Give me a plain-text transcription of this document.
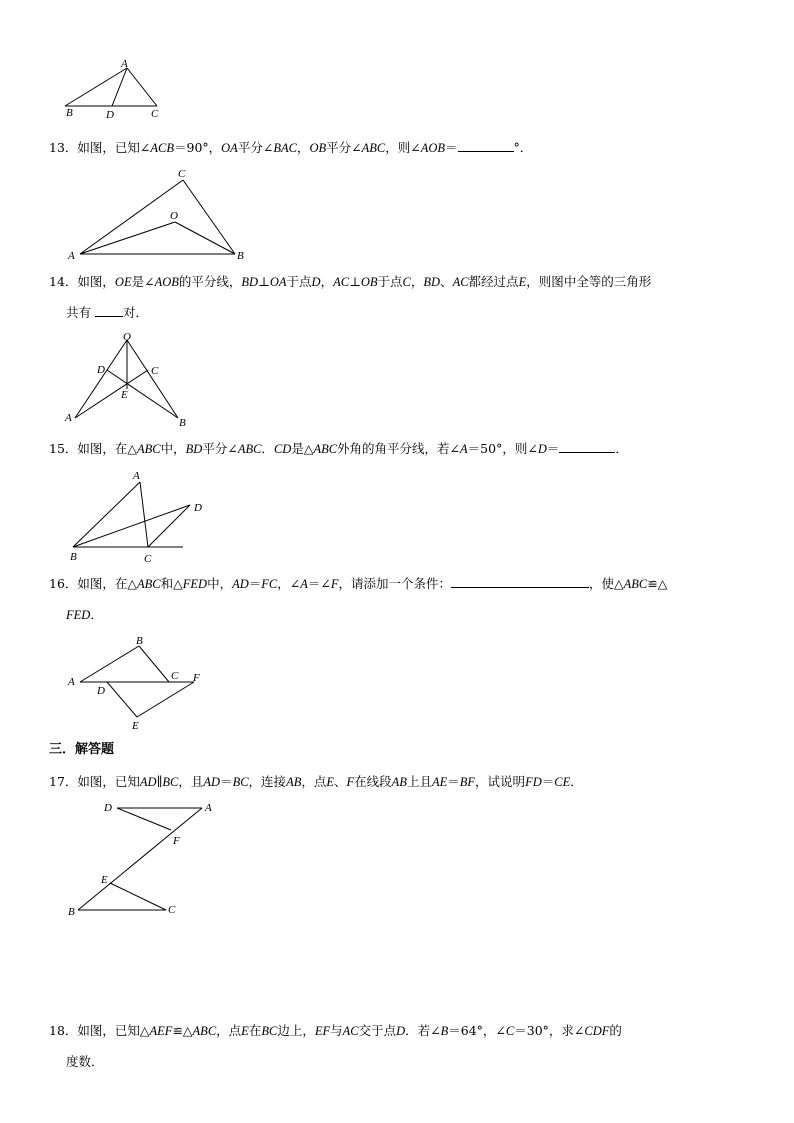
A
B	D	C
13．如图，已知∠ACB＝90°，OA平分∠BAC，OB平分∠ABC，则∠AOB＝	°．
C
O
A	B
14．如图，OE是∠AOB的平分线，BD⊥OA于点D，AC⊥OB于点C，BD、AC都经过点E，则图中全等的三角形
共有	对．
O
D	C
E
A	B
15．如图，在△ABC中，BD平分∠ABC．CD是△ABC外角的角平分线，若∠A＝50°，则∠D＝	．
A
D
B	C
16．如图，在△ABC和△FED中，AD＝FC，∠A＝∠F，请添加一个条件：	，使△ABC≌△
FED．
B
A	C F
D
E
三．解答题
17．如图，已知AD∥BC，且AD＝BC，连接AB，点E、F在线段AB上且AE＝BF，试说明FD＝CE．
D	A
F
E
B	C
18．如图，已知△AEF≌△ABC，点E在BC边上，EF与AC交于点D．若∠B＝64°，∠C＝30°，求∠CDF的
度数．
